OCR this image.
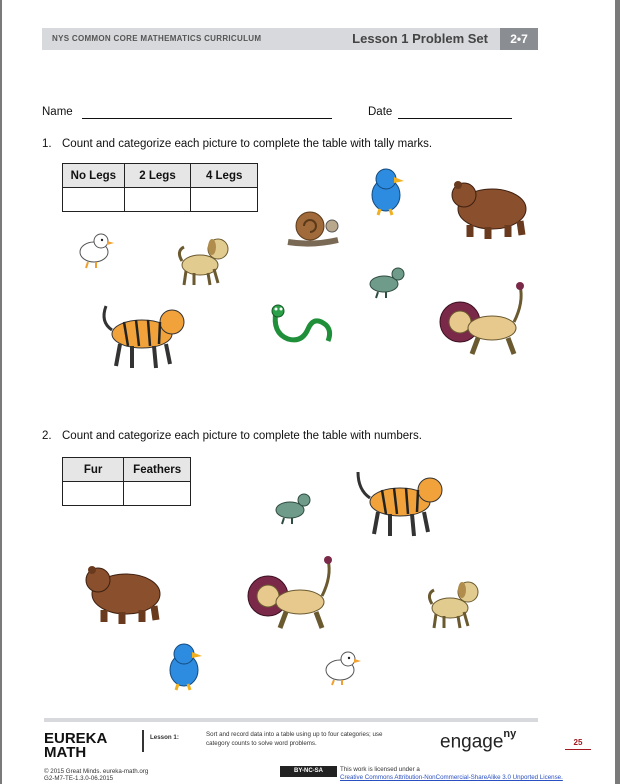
NYS COMMON CORE MATHEMATICS CURRICULUM	Lesson 1 Problem Set	2•7
Name	Date
1. Count and categorize each picture to complete the table with tally marks.
No Legs	2 Legs	4 Legs

2. Count and categorize each picture to complete the table with numbers.
Fur	Feathers

EUREKA
MATH
Lesson 1:	Sort and record data into a table using up to four categories; use
category counts to solve word problems.	engage$^{ny}$
25
© 2015 Great Minds. eureka-math.org
G2-M7-TE-1.3.0-06.2015
BY-NC-SA	This work is licensed under a
Creative Commons Attribution-NonCommercial-ShareAlike 3.0 Unported License.
